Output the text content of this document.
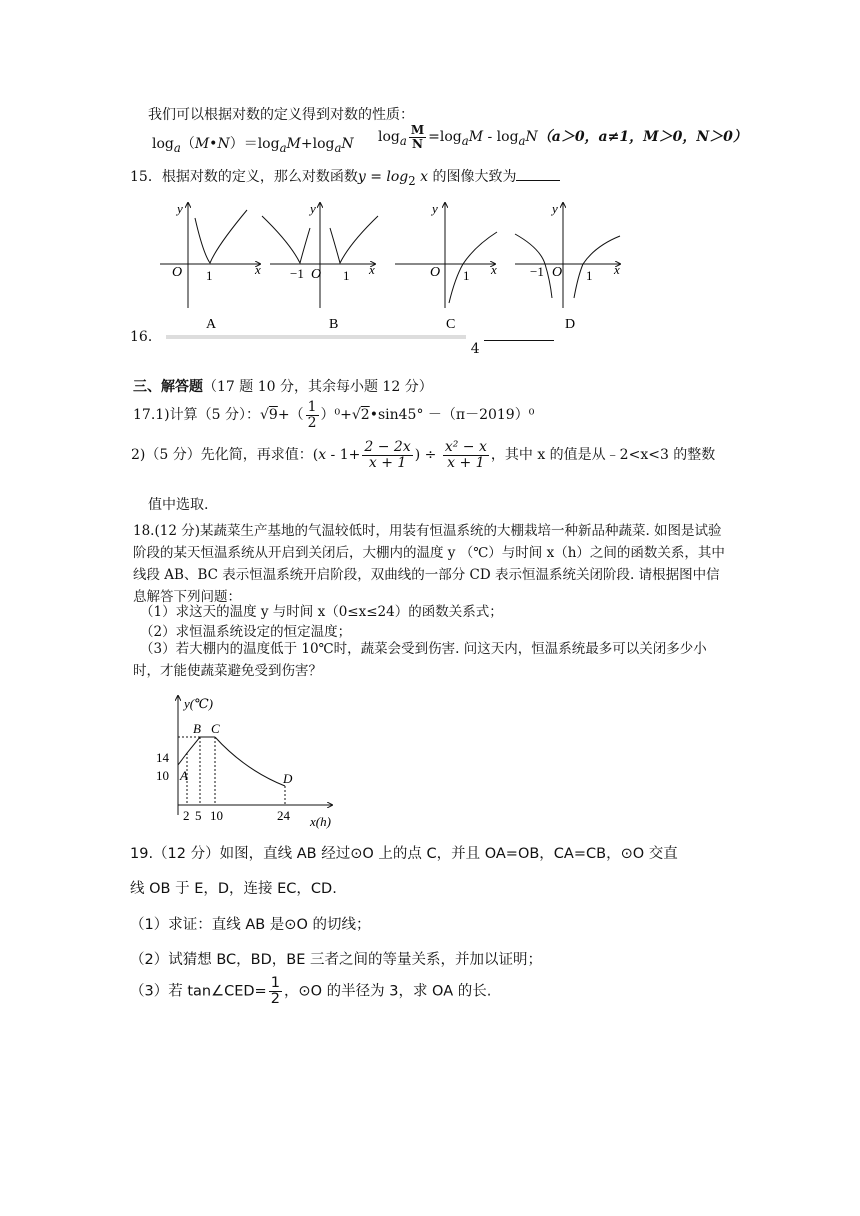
我们可以根据对数的定义得到对数的性质：
$\log_a(M•N)=\log_aM+\log_aN$ $\log_a \frac{M}{N} =\log_aM - \log_aN(a>0$，a≠1，M＞0，N＞0）
15．根据对数的定义，那么对数函数$y = \log_2 x$ 的图像大致为
y
x
O 1
A
y
x
−1 O 1
B
y
x
O 1
C
y
x
−1 O 1
D
16．  4
三、解答题（17 题 10 分，其余每小题 12 分）
17.1)计算（5 分）：$√9+( \frac{1}{2}$ ）⁰+√2•sin45° －（π－2019）⁰
2)（5 分）先化简，再求值：($x - 1+ \frac{2 - 2x}{x + 1}$ ) ÷ $\frac{\text{x² − x}}{x + 1}$ ，其中 x 的值是从﹣2<x<3 的整数
值中选取.
18.(12 分)某蔬菜生产基地的气温较低时，用装有恒温系统的大棚栽培一种新品种蔬菜. 如图是试验阶段的某天恒温系统从开启到关闭后，大棚内的温度 y （℃）与时间 x（h）之间的函数关系，其中线段 AB、BC 表示恒温系统开启阶段，双曲线的一部分 CD 表示恒温系统关闭阶段. 请根据图中信息解答下列问题：
（1）求这天的温度 y 与时间 x（0≤x≤24）的函数关系式；
（2）求恒温系统设定的恒定温度；
（3）若大棚内的温度低于 10℃时，蔬菜会受到伤害. 问这天内，恒温系统最多可以关闭多少小时，才能使蔬菜避免受到伤害？
y(℃)
x(h)
14
10
2 5 10	24
A
B C
D
19.（12 分）如图，直线 AB 经过⊙O 上的点 C，并且 OA=OB，CA=CB，⊙O 交直
线 OB 于 E，D，连接 EC，CD.
（1）求证：直线 AB 是⊙O 的切线；
（2）试猜想 BC，BD，BE 三者之间的等量关系，并加以证明；
（3）若 tan∠CED= $\frac{1}{2}$ ，⊙O 的半径为 3，求 OA 的长.
